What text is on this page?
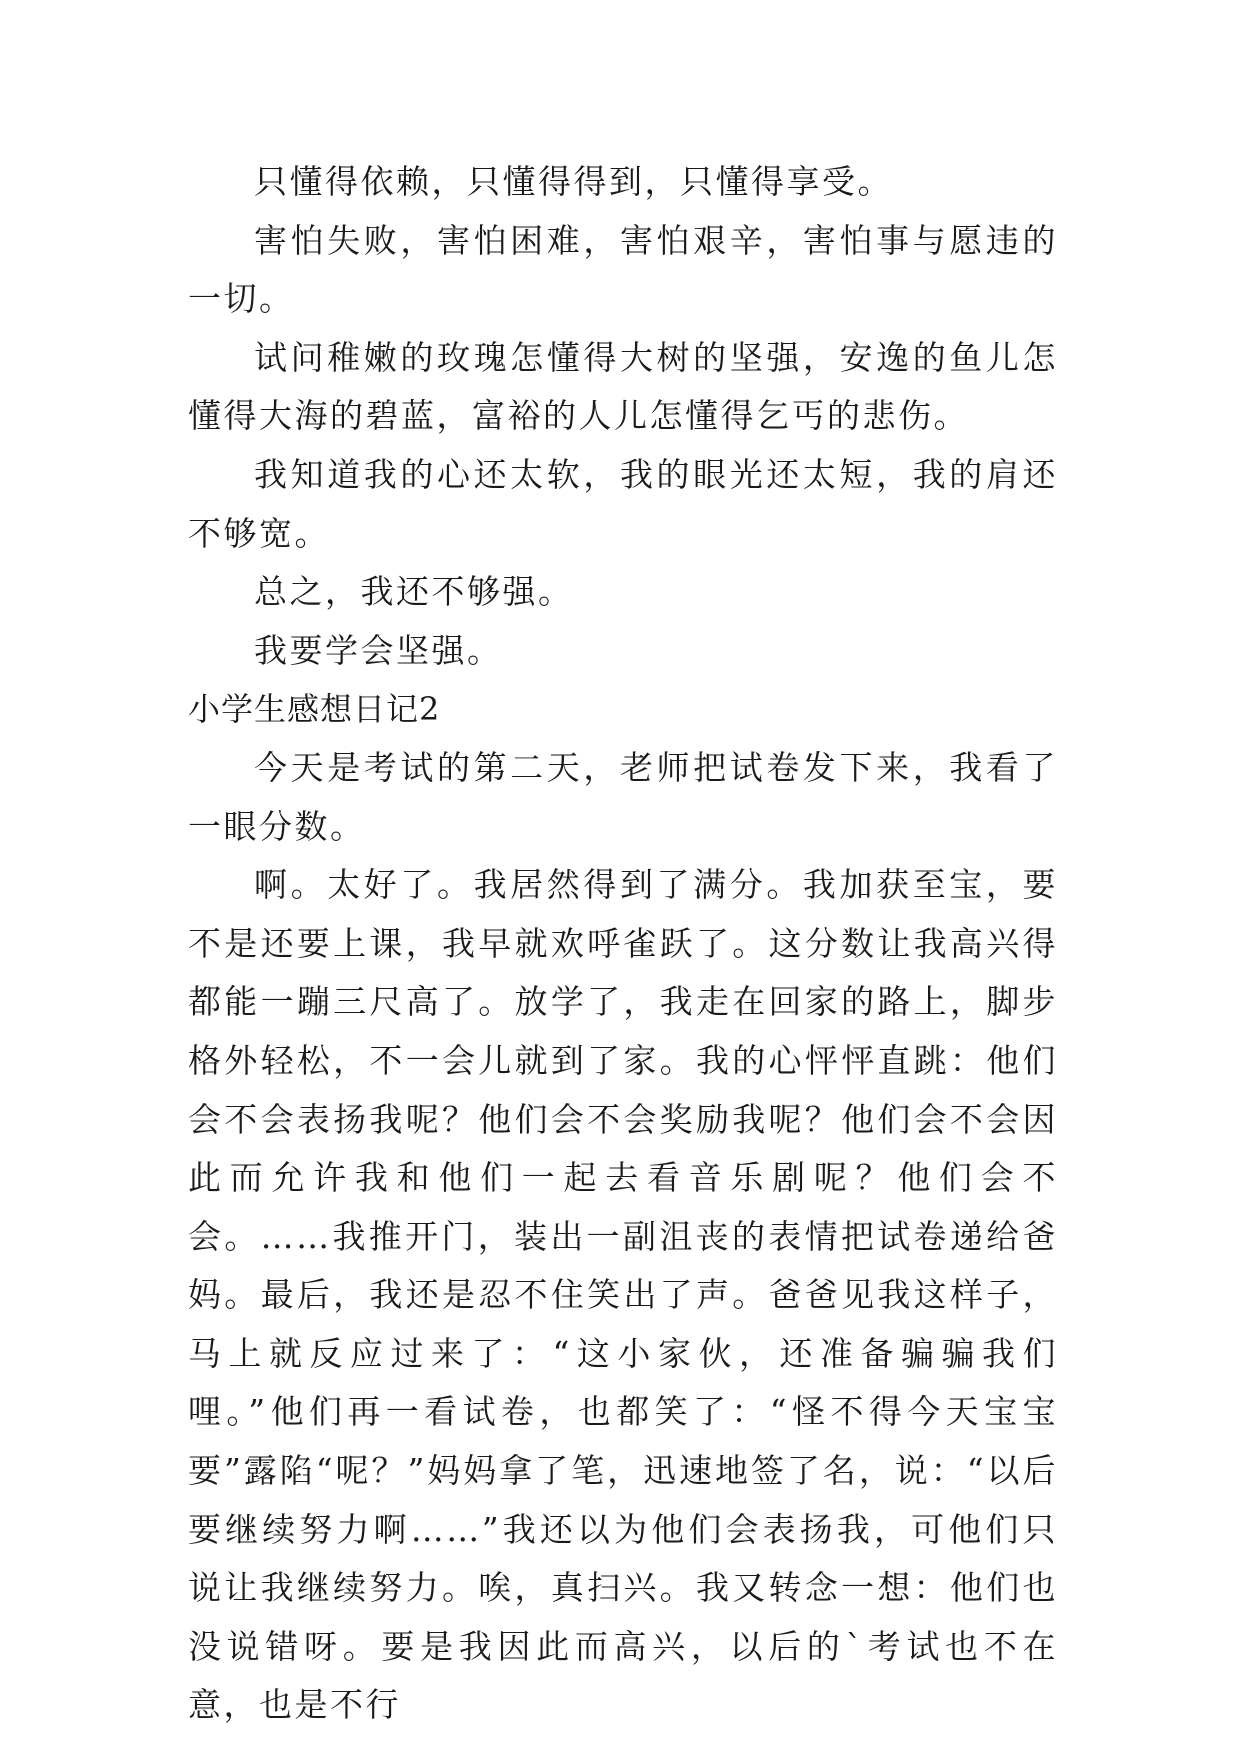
只懂得依赖，只懂得得到，只懂得享受。

害怕失败，害怕困难，害怕艰辛，害怕事与愿违的一切。

试问稚嫩的玫瑰怎懂得大树的坚强，安逸的鱼儿怎懂得大海的碧蓝，富裕的人儿怎懂得乞丐的悲伤。

我知道我的心还太软，我的眼光还太短，我的肩还不够宽。

总之，我还不够强。

我要学会坚强。

小学生感想日记2

今天是考试的第二天，老师把试卷发下来，我看了一眼分数。

啊。太好了。我居然得到了满分。我加获至宝，要不是还要上课，我早就欢呼雀跃了。这分数让我高兴得都能一蹦三尺高了。放学了，我走在回家的路上，脚步格外轻松，不一会儿就到了家。我的心怦怦直跳：他们会不会表扬我呢？他们会不会奖励我呢？他们会不会因此而允许我和他们一起去看音乐剧呢？他们会不会。……我推开门，装出一副沮丧的表情把试卷递给爸妈。最后，我还是忍不住笑出了声。爸爸见我这样子，马上就反应过来了：“这小家伙，还准备骗骗我们哩。”他们再一看试卷，也都笑了：“怪不得今天宝宝要”露陷“呢？”妈妈拿了笔，迅速地签了名，说：“以后要继续努力啊……”我还以为他们会表扬我，可他们只说让我继续努力。唉，真扫兴。我又转念一想：他们也没说错呀。要是我因此而高兴，以后的`考试也不在意，也是不行
